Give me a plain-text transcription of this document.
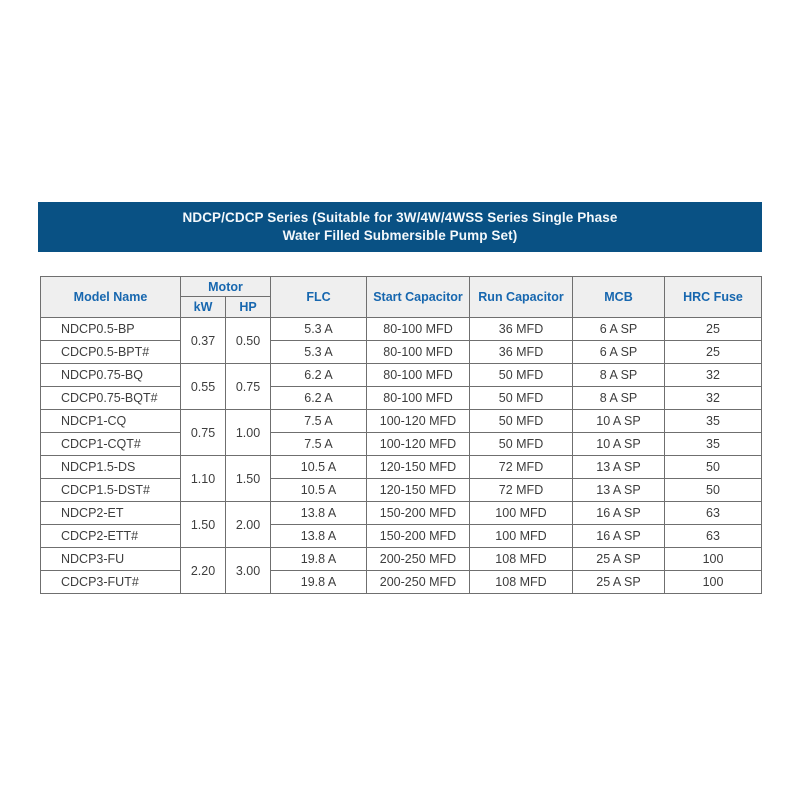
NDCP/CDCP Series (Suitable for 3W/4W/4WSS Series Single Phase
Water Filled Submersible Pump Set)
Model Name	Motor		FLC	Start Capacitor	Run Capacitor	MCB	HRC Fuse
	kW	HP					
NDCP0.5-BP	0.37	0.50	5.3 A	80-100 MFD	36 MFD	6 A SP	25
CDCP0.5-BPT#			5.3 A	80-100 MFD	36 MFD	6 A SP	25
NDCP0.75-BQ	0.55	0.75	6.2 A	80-100 MFD	50 MFD	8 A SP	32
CDCP0.75-BQT#			6.2 A	80-100 MFD	50 MFD	8 A SP	32
NDCP1-CQ	0.75	1.00	7.5 A	100-120 MFD	50 MFD	10 A SP	35
CDCP1-CQT#			7.5 A	100-120 MFD	50 MFD	10 A SP	35
NDCP1.5-DS	1.10	1.50	10.5 A	120-150 MFD	72 MFD	13 A SP	50
CDCP1.5-DST#			10.5 A	120-150 MFD	72 MFD	13 A SP	50
NDCP2-ET	1.50	2.00	13.8 A	150-200 MFD	100 MFD	16 A SP	63
CDCP2-ETT#			13.8 A	150-200 MFD	100 MFD	16 A SP	63
NDCP3-FU	2.20	3.00	19.8 A	200-250 MFD	108 MFD	25 A SP	100
CDCP3-FUT#			19.8 A	200-250 MFD	108 MFD	25 A SP	100
